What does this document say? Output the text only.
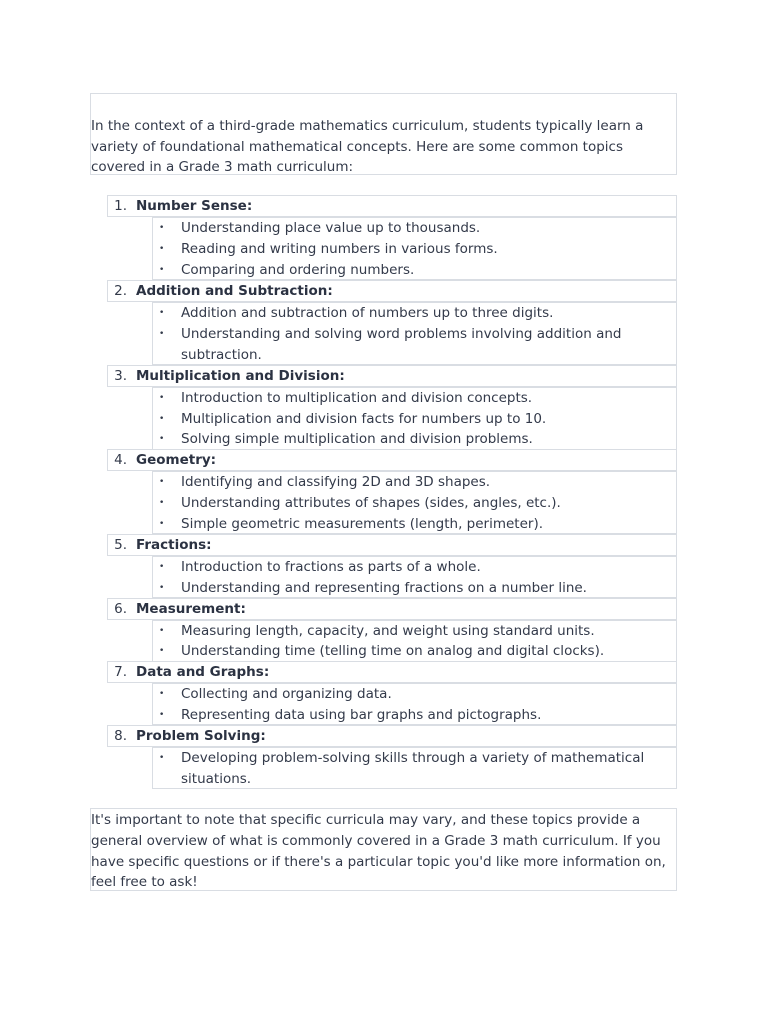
In the context of a third-grade mathematics curriculum, students typically learn a variety of foundational mathematical concepts. Here are some common topics covered in a Grade 3 math curriculum:

1. Number Sense:
• Understanding place value up to thousands.
• Reading and writing numbers in various forms.
• Comparing and ordering numbers.
2. Addition and Subtraction:
• Addition and subtraction of numbers up to three digits.
• Understanding and solving word problems involving addition and subtraction.
3. Multiplication and Division:
• Introduction to multiplication and division concepts.
• Multiplication and division facts for numbers up to 10.
• Solving simple multiplication and division problems.
4. Geometry:
• Identifying and classifying 2D and 3D shapes.
• Understanding attributes of shapes (sides, angles, etc.).
• Simple geometric measurements (length, perimeter).
5. Fractions:
• Introduction to fractions as parts of a whole.
• Understanding and representing fractions on a number line.
6. Measurement:
• Measuring length, capacity, and weight using standard units.
• Understanding time (telling time on analog and digital clocks).
7. Data and Graphs:
• Collecting and organizing data.
• Representing data using bar graphs and pictographs.
8. Problem Solving:
• Developing problem-solving skills through a variety of mathematical situations.

It's important to note that specific curricula may vary, and these topics provide a general overview of what is commonly covered in a Grade 3 math curriculum. If you have specific questions or if there's a particular topic you'd like more information on, feel free to ask!
